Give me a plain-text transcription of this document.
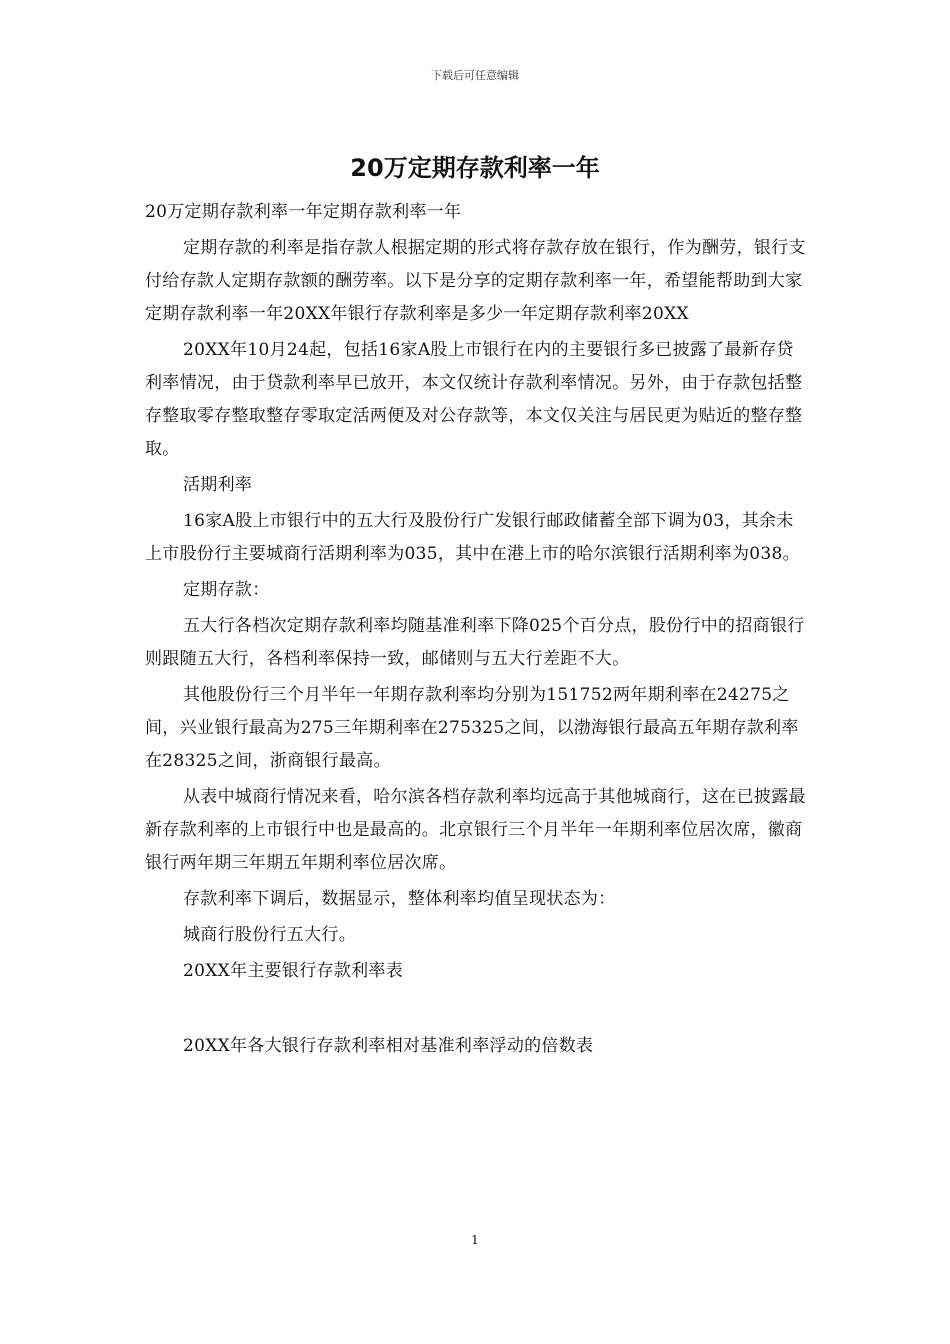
下载后可任意编辑
20万定期存款利率一年

20万定期存款利率一年定期存款利率一年

定期存款的利率是指存款人根据定期的形式将存款存放在银行，作为酬劳，银行支付给存款人定期存款额的酬劳率。以下是分享的定期存款利率一年，希望能帮助到大家定期存款利率一年20XX年银行存款利率是多少一年定期存款利率20XX

20XX年10月24起，包括16家A股上市银行在内的主要银行多已披露了最新存贷利率情况，由于贷款利率早已放开，本文仅统计存款利率情况。另外，由于存款包括整存整取零存整取整存零取定活两便及对公存款等，本文仅关注与居民更为贴近的整存整取。

活期利率

16家A股上市银行中的五大行及股份行广发银行邮政储蓄全部下调为03，其余未上市股份行主要城商行活期利率为035，其中在港上市的哈尔滨银行活期利率为038。

定期存款：

五大行各档次定期存款利率均随基准利率下降025个百分点，股份行中的招商银行则跟随五大行，各档利率保持一致，邮储则与五大行差距不大。

其他股份行三个月半年一年期存款利率均分别为151752两年期利率在24275之间，兴业银行最高为275三年期利率在275325之间，以渤海银行最高五年期存款利率在28325之间，浙商银行最高。

从表中城商行情况来看，哈尔滨各档存款利率均远高于其他城商行，这在已披露最新存款利率的上市银行中也是最高的。北京银行三个月半年一年期利率位居次席，徽商银行两年期三年期五年期利率位居次席。

存款利率下调后，数据显示，整体利率均值呈现状态为：

城商行股份行五大行。

20XX年主要银行存款利率表

20XX年各大银行存款利率相对基准利率浮动的倍数表

1
